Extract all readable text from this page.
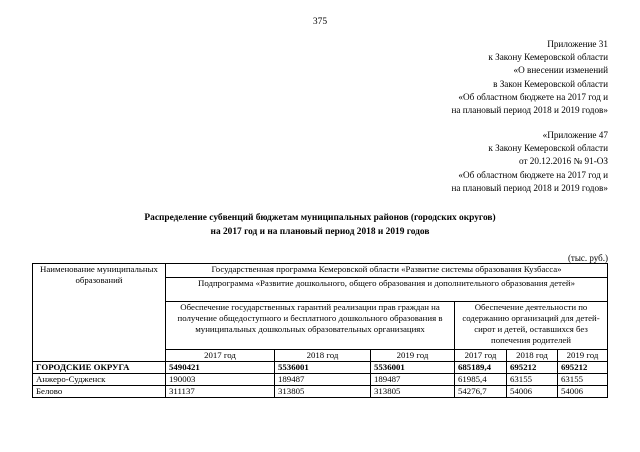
375
Приложение 31
к Закону Кемеровской области
«О внесении изменений
в Закон Кемеровской области
«Об областном бюджете на 2017 год и
на плановый период 2018 и 2019 годов»
«Приложение 47
к Закону Кемеровской области
от 20.12.2016 № 91-ОЗ
«Об областном бюджете на 2017 год и
на плановый период 2018 и 2019 годов»
Распределение субвенций бюджетам муниципальных районов (городских округов)
на 2017 год и на плановый период 2018 и 2019 годов
(тыс. руб.)
Наименование муниципальных образований	Государственная программа Кемеровской области «Развитие системы образования Кузбасса»					
	Подпрограмма «Развитие дошкольного, общего образования и дополнительного образования детей»					
	Обеспечение государственных гарантий реализации прав граждан на получение общедоступного и бесплатного дошкольного образования в муниципальных дошкольных образовательных организациях			Обеспечение деятельности по содержанию организаций для детей-сирот и детей, оставшихся без попечения родителей		
	2017 год	2018 год	2019 год	2017 год	2018 год	2019 год
ГОРОДСКИЕ ОКРУГА	5490421	5536001	5536001	685189,4	695212	695212
Анжеро-Судженск	190003	189487	189487	61985,4	63155	63155
Белово	311137	313805	313805	54276,7	54006	54006
